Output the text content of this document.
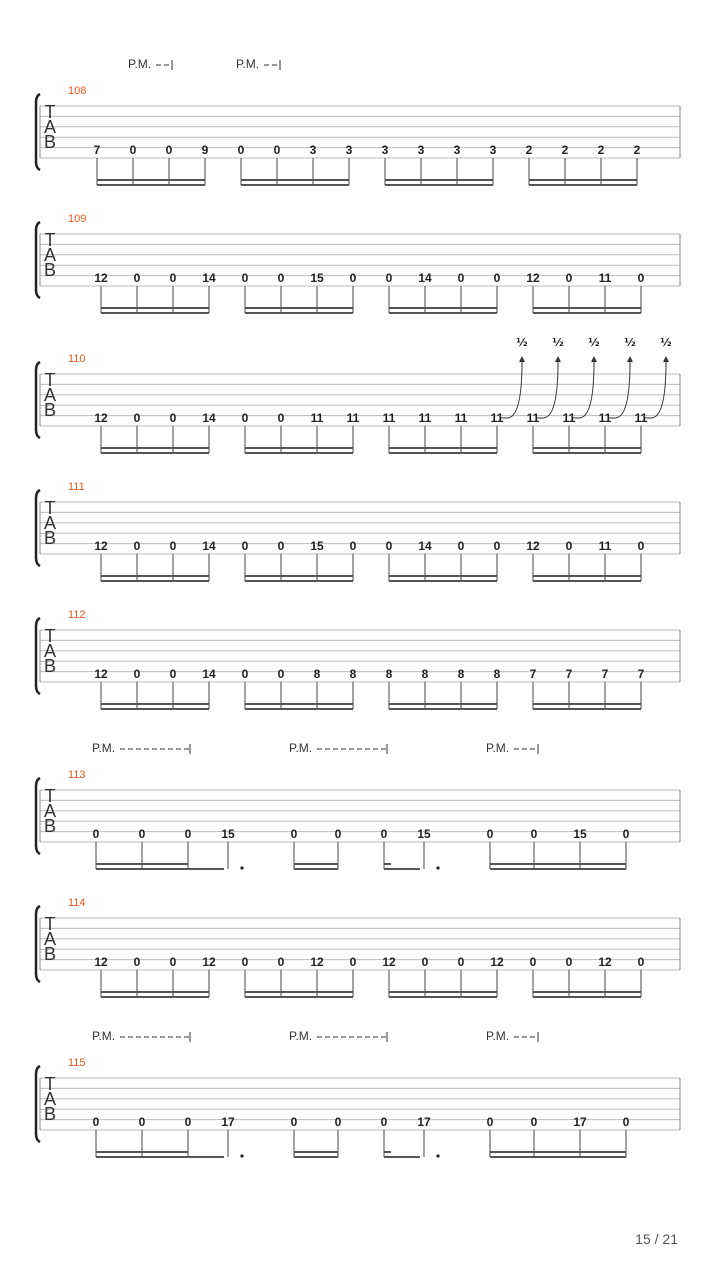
T
A
B
108
7 0 0 9 0 0 3 3 3 3 3 3 2 2 2 2
P.M.	P.M.
T
A
B
109
12 0 0 14 0 0 15 0 0 14 0 0 12 0 11 0
T
A
B
110
12 0 0 14 0 0 11 11 11 11 11 11 11 11 11 11
½ ½ ½ ½ ½
T
A
B
111
12 0 0 14 0 0 15 0 0 14 0 0 12 0 11 0
T
A
B
112
12 0 0 14 0 0 8 8 8 8 8 8 7 7 7 7
T
A
B
113
0	0	0 15	0	0	0 15	0	0	15	0
P.M.	P.M.	P.M.
T
A
B
114
12 0 0 12 0 0 12 0 12 0 0 12 0 0 12 0
T
A
B
115
0	0	0 17	0	0	0 17	0	0	17	0
P.M.	P.M.	P.M.
15 / 21
